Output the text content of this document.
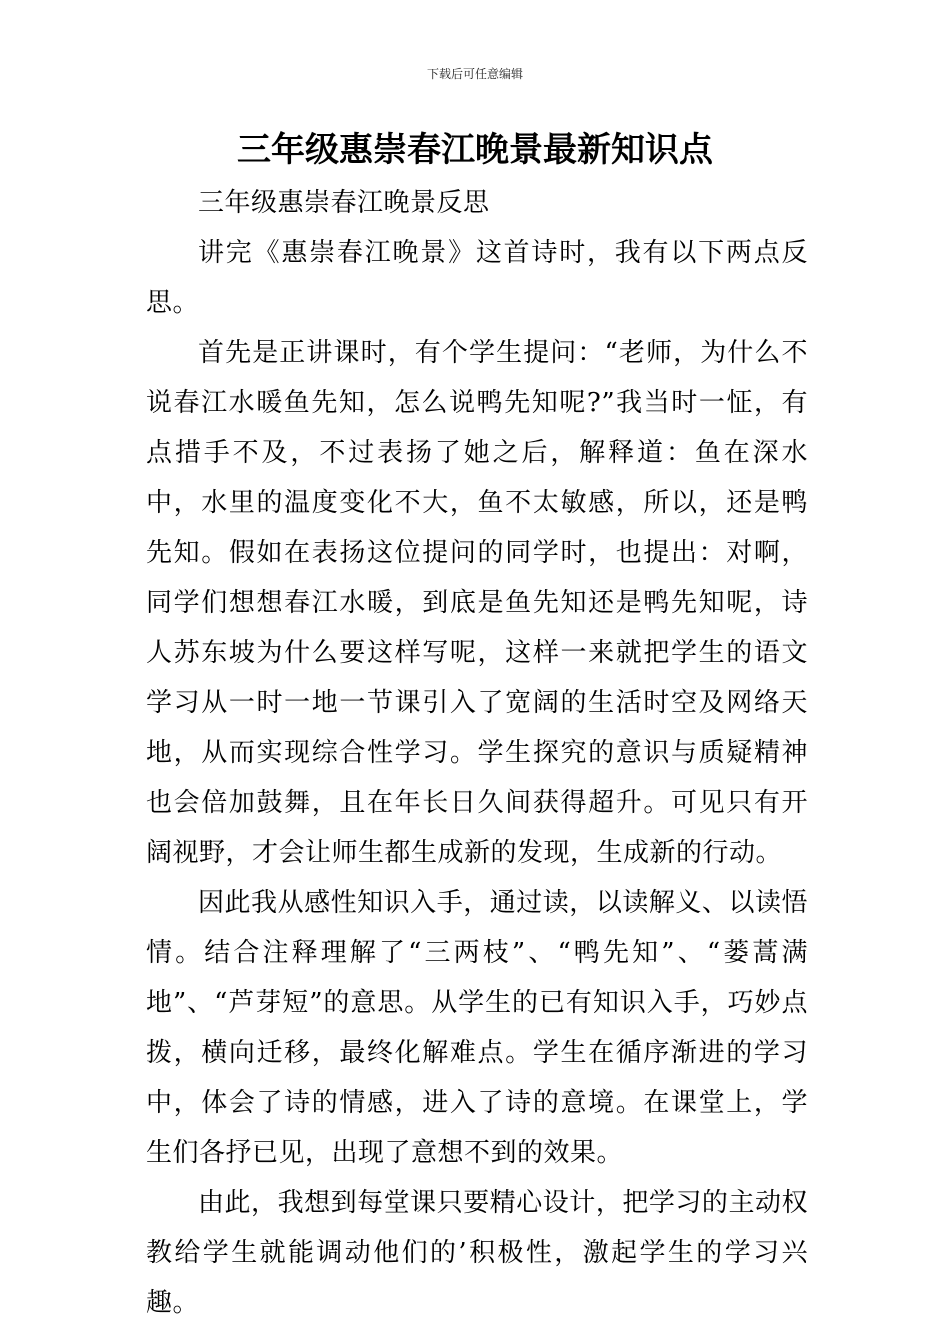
下载后可任意编辑
三年级惠崇春江晚景最新知识点

三年级惠崇春江晚景反思

讲完《惠崇春江晚景》这首诗时，我有以下两点反思。

首先是正讲课时，有个学生提问：“老师，为什么不说春江水暖鱼先知，怎么说鸭先知呢?”我当时一怔，有点措手不及，不过表扬了她之后，解释道：鱼在深水中，水里的温度变化不大，鱼不太敏感，所以，还是鸭先知。假如在表扬这位提问的同学时，也提出：对啊，同学们想想春江水暖，到底是鱼先知还是鸭先知呢，诗人苏东坡为什么要这样写呢，这样一来就把学生的语文学习从一时一地一节课引入了宽阔的生活时空及网络天地，从而实现综合性学习。学生探究的意识与质疑精神也会倍加鼓舞，且在年长日久间获得超升。可见只有开阔视野，才会让师生都生成新的发现，生成新的行动。

因此我从感性知识入手，通过读，以读解义、以读悟情。结合注释理解了“三两枝”、“鸭先知”、“蒌蒿满地”、“芦芽短”的意思。从学生的已有知识入手，巧妙点拨，横向迁移，最终化解难点。学生在循序渐进的学习中，体会了诗的情感，进入了诗的意境。在课堂上，学生们各抒已见，出现了意想不到的效果。

由此，我想到每堂课只要精心设计，把学习的主动权教给学生就能调动他们的’积极性，激起学生的学习兴趣。
